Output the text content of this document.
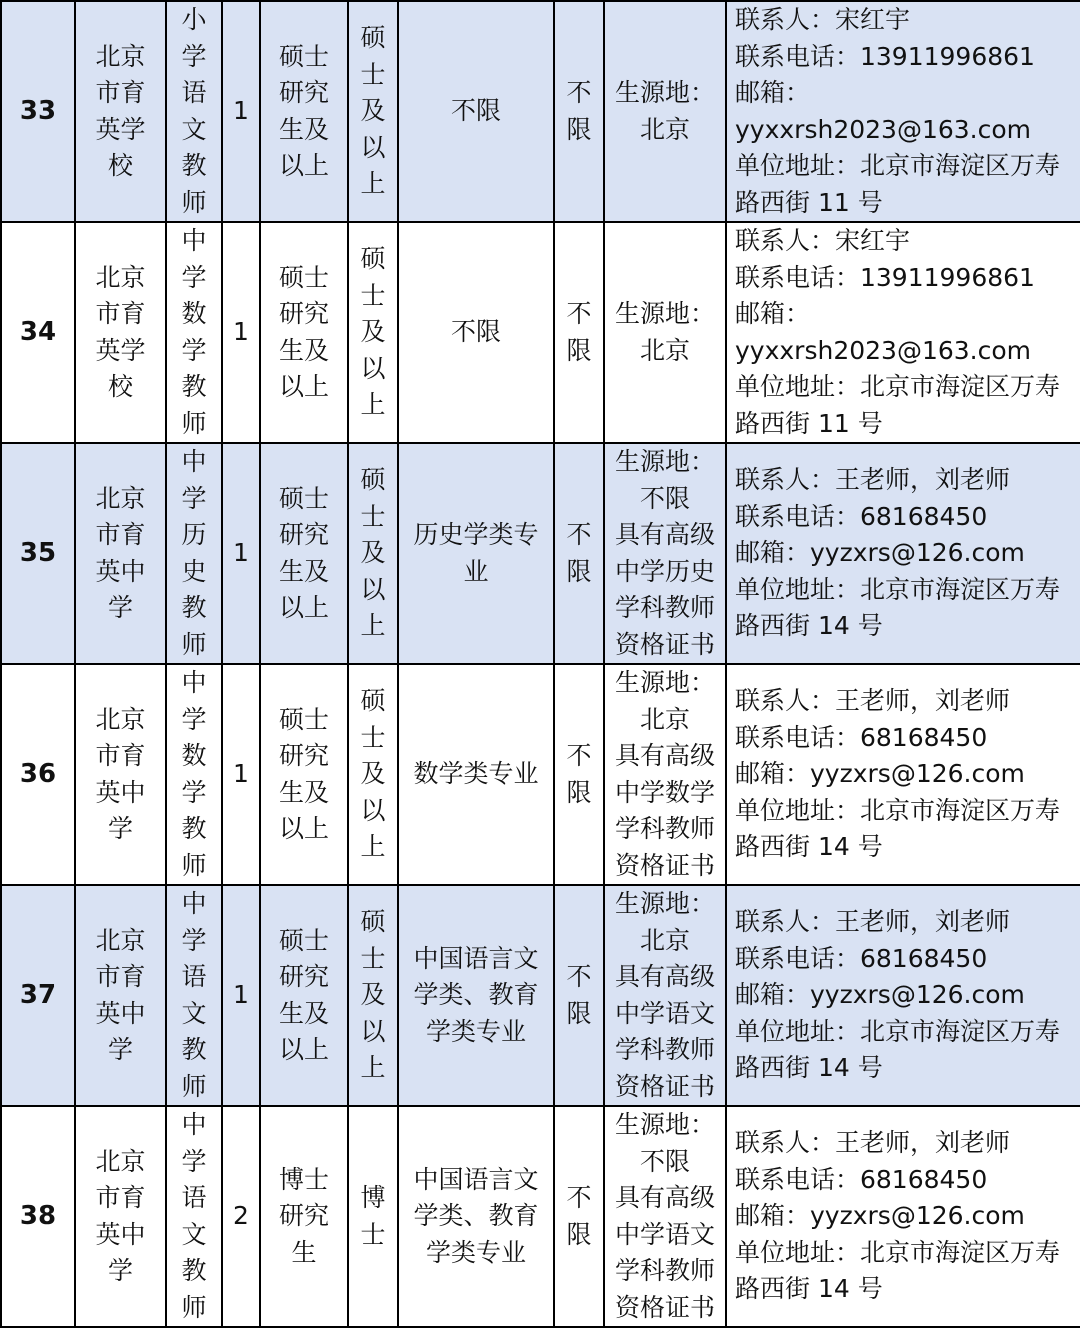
33	北京市育英学校	小学语文教师	1	硕士研究生及以上	硕士及以上	不限	不限	生源地：北京	联系人：宋红宇
联系电话：13911996861
邮箱：
yyxxrsh2023@163.com
单位地址：北京市海淀区万寿路西街 11 号

34	北京市育英学校	中学数学教师	1	硕士研究生及以上	硕士及以上	不限	不限	生源地：北京	联系人：宋红宇
联系电话：13911996861
邮箱：
yyxxrsh2023@163.com
单位地址：北京市海淀区万寿路西街 11 号

35	北京市育英中学	中学历史教师	1	硕士研究生及以上	硕士及以上	历史学类专业	不限	生源地：不限
具有高级中学历史学科教师资格证书	联系人：王老师，刘老师
联系电话：68168450
邮箱：yyzxrs@126.com
单位地址：北京市海淀区万寿路西街 14 号

36	北京市育英中学	中学数学教师	1	硕士研究生及以上	硕士及以上	数学类专业	不限	生源地：北京
具有高级中学数学学科教师资格证书	联系人：王老师，刘老师
联系电话：68168450
邮箱：yyzxrs@126.com
单位地址：北京市海淀区万寿路西街 14 号

37	北京市育英中学	中学语文教师	1	硕士研究生及以上	硕士及以上	中国语言文学类、教育学类专业	不限	生源地：北京
具有高级中学语文学科教师资格证书	联系人：王老师，刘老师
联系电话：68168450
邮箱：yyzxrs@126.com
单位地址：北京市海淀区万寿路西街 14 号

38	北京市育英中学	中学语文教师	2	博士研究生	博士	中国语言文学类、教育学类专业	不限	生源地：不限
具有高级中学语文学科教师资格证书	联系人：王老师，刘老师
联系电话：68168450
邮箱：yyzxrs@126.com
单位地址：北京市海淀区万寿路西街 14 号
